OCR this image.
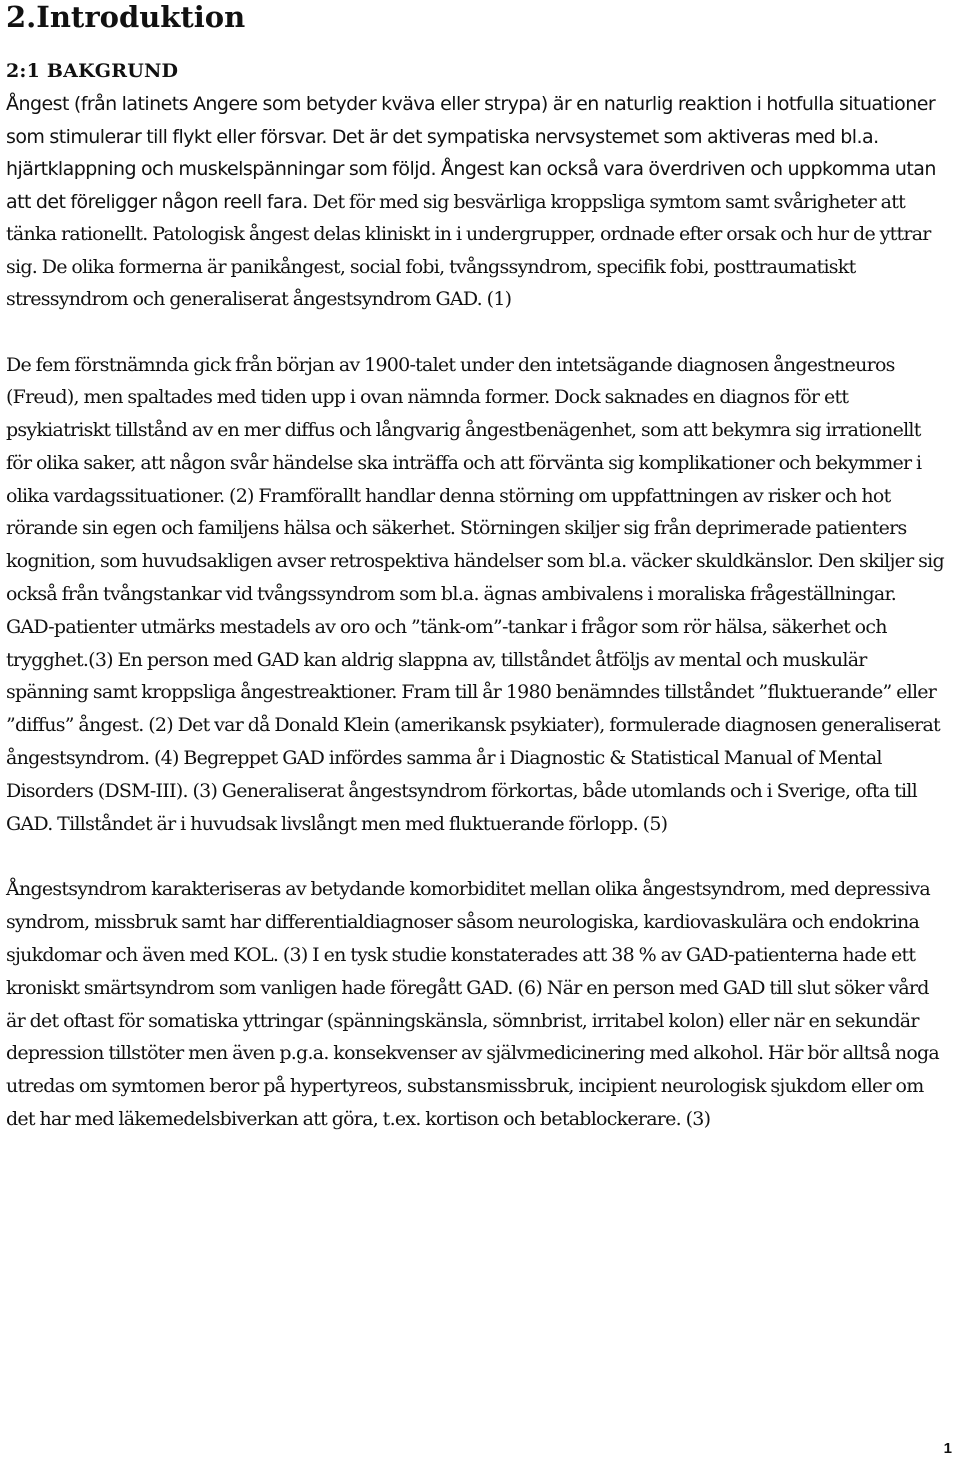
2.Introduktion
2:1 BAKGRUND

Ångest (från latinets Angere som betyder kväva eller strypa) är en naturlig reaktion i hotfulla situationer som stimulerar till flykt eller försvar. Det är det sympatiska nervsystemet som aktiveras med bl.a. hjärtklappning och muskelspänningar som följd. Ångest kan också vara överdriven och uppkomma utan att det föreligger någon reell fara. Det för med sig besvärliga kroppsliga symtom samt svårigheter att tänka rationellt. Patologisk ångest delas kliniskt in i undergrupper, ordnade efter orsak och hur de yttrar sig. De olika formerna är panikångest, social fobi, tvångssyndrom, specifik fobi, posttraumatiskt stressyndrom och generaliserat ångestsyndrom GAD. (1)

De fem förstnämnda gick från början av 1900-talet under den intetsägande diagnosen ångestneuros (Freud), men spaltades med tiden upp i ovan nämnda former. Dock saknades en diagnos för ett psykiatriskt tillstånd av en mer diffus och långvarig ångestbenägenhet, som att bekymra sig irrationellt för olika saker, att någon svår händelse ska inträffa och att förvänta sig komplikationer och bekymmer i olika vardagssituationer. (2) Framförallt handlar denna störning om uppfattningen av risker och hot rörande sin egen och familjens hälsa och säkerhet. Störningen skiljer sig från deprimerade patienters kognition, som huvudsakligen avser retrospektiva händelser som bl.a. väcker skuldkänslor. Den skiljer sig också från tvångstankar vid tvångssyndrom som bl.a. ägnas ambivalens i moraliska frågeställningar. GAD-patienter utmärks mestadels av oro och ”tänk-om”-tankar i frågor som rör hälsa, säkerhet och trygghet.(3) En person med GAD kan aldrig slappna av, tillståndet åtföljs av mental och muskulär spänning samt kroppsliga ångestreaktioner. Fram till år 1980 benämndes tillståndet ”fluktuerande” eller ”diffus” ångest. (2) Det var då Donald Klein (amerikansk psykiater), formulerade diagnosen generaliserat ångestsyndrom. (4) Begreppet GAD infördes samma år i Diagnostic & Statistical Manual of Mental Disorders (DSM-III). (3) Generaliserat ångestsyndrom förkortas, både utomlands och i Sverige, ofta till GAD. Tillståndet är i huvudsak livslångt men med fluktuerande förlopp. (5)

Ångestsyndrom karakteriseras av betydande komorbiditet mellan olika ångestsyndrom, med depressiva syndrom, missbruk samt har differentialdiagnoser såsom neurologiska, kardiovaskulära och endokrina sjukdomar och även med KOL. (3) I en tysk studie konstaterades att 38 % av GAD-patienterna hade ett kroniskt smärtsyndrom som vanligen hade föregått GAD. (6) När en person med GAD till slut söker vård är det oftast för somatiska yttringar (spänningskänsla, sömnbrist, irritabel kolon) eller när en sekundär depression tillstöter men även p.g.a. konsekvenser av självmedicinering med alkohol. Här bör alltså noga utredas om symtomen beror på hypertyreos, substansmissbruk, incipient neurologisk sjukdom eller om det har med läkemedelsbiverkan att göra, t.ex. kortison och betablockerare. (3)

1
